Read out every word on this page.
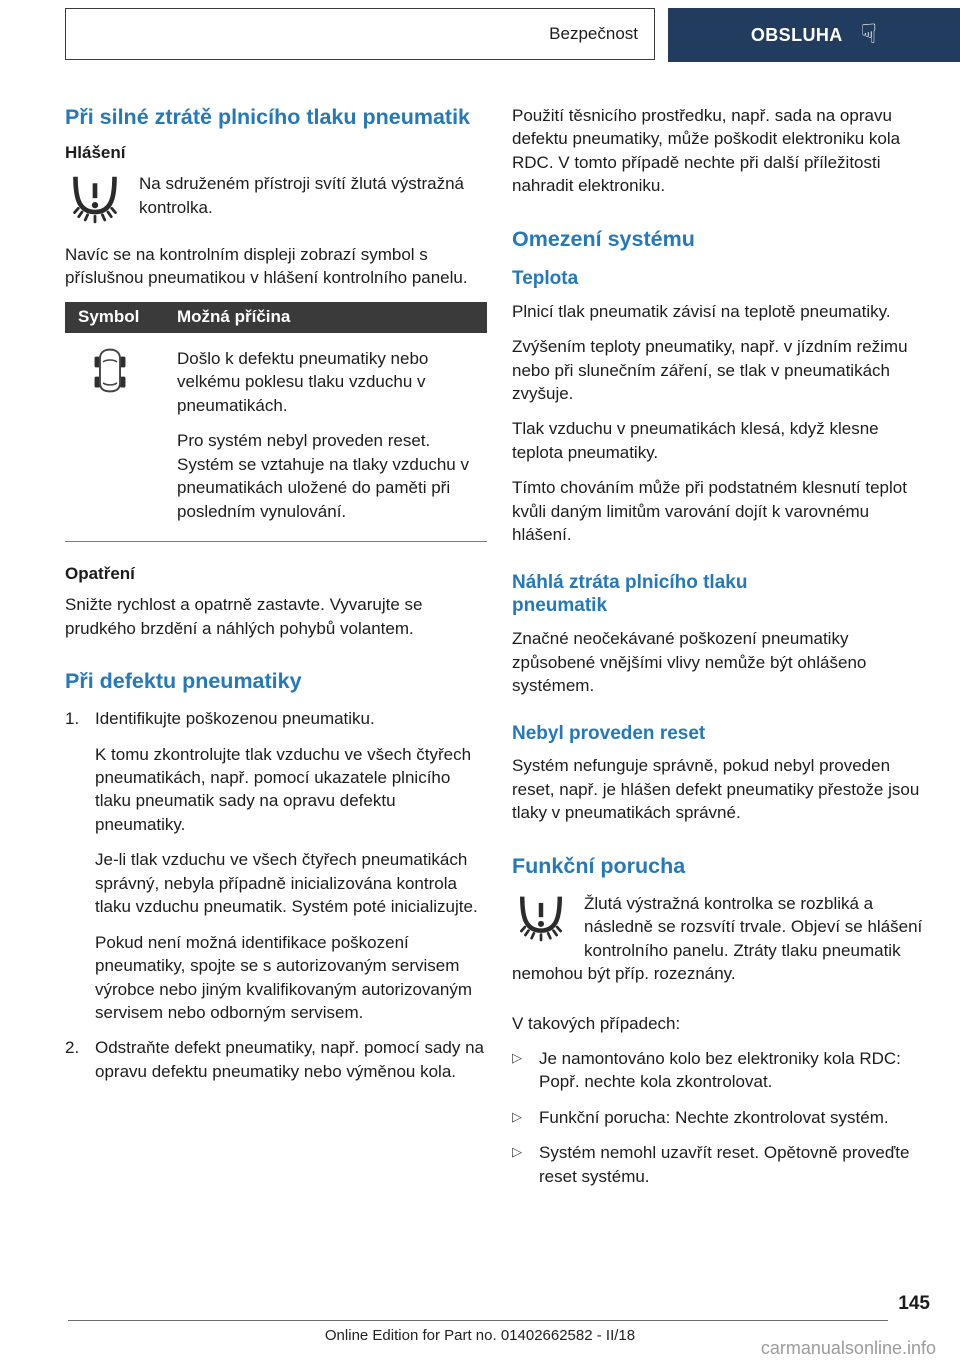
Bezpečnost	OBSLUHA ☟
Při silné ztrátě plnicího tlaku pneumatik
Hlášení

Na sdruženém přístroji svítí žlutá výstražná kontrolka.

Navíc se na kontrolním displeji zobrazí symbol s příslušnou pneumatikou v hlášení kontrolního panelu.

Symbol	Možná příčina

Došlo k defektu pneumatiky nebo velkému poklesu tlaku vzduchu v pneumatikách.

Pro systém nebyl proveden reset. Systém se vztahuje na tlaky vzduchu v pneumatikách uložené do paměti při posledním vynulování.

Opatření

Snižte rychlost a opatrně zastavte. Vyvarujte se prudkého brzdění a náhlých pohybů volantem.

Při defektu pneumatiky
1. Identifikujte poškozenou pneumatiku.

K tomu zkontrolujte tlak vzduchu ve všech čtyřech pneumatikách, např. pomocí ukazatele plnicího tlaku pneumatik sady na opravu defektu pneumatiky.

Je-li tlak vzduchu ve všech čtyřech pneumatikách správný, nebyla případně inicializována kontrola tlaku vzduchu pneumatik. Systém poté inicializujte.

Pokud není možná identifikace poškození pneumatiky, spojte se s autorizovaným servisem výrobce nebo jiným kvalifikovaným autorizovaným servisem nebo odborným servisem.

2. Odstraňte defekt pneumatiky, např. pomocí sady na opravu defektu pneumatiky nebo výměnou kola.

Použití těsnicího prostředku, např. sada na opravu defektu pneumatiky, může poškodit elektroniku kola RDC. V tomto případě nechte při další příležitosti nahradit elektroniku.

Omezení systému
Teplota

Plnicí tlak pneumatik závisí na teplotě pneumatiky.

Zvýšením teploty pneumatiky, např. v jízdním režimu nebo při slunečním záření, se tlak v pneumatikách zvyšuje.

Tlak vzduchu v pneumatikách klesá, když klesne teplota pneumatiky.

Tímto chováním může při podstatném klesnutí teplot kvůli daným limitům varování dojít k varovnému hlášení.

Náhlá ztráta plnicího tlaku pneumatik

Značné neočekávané poškození pneumatiky způsobené vnějšími vlivy nemůže být ohlášeno systémem.

Nebyl proveden reset

Systém nefunguje správně, pokud nebyl proveden reset, např. je hlášen defekt pneumatiky přestože jsou tlaky v pneumatikách správné.

Funkční porucha

Žlutá výstražná kontrolka se rozbliká a následně se rozsvítí trvale. Objeví se hlášení kontrolního panelu. Ztráty tlaku pneumatik nemohou být příp. rozeznány.

V takových případech:

▷	Je namontováno kolo bez elektroniky kola RDC: Popř. nechte kola zkontrolovat.
▷	Funkční porucha: Nechte zkontrolovat systém.
▷	Systém nemohl uzavřít reset. Opětovně proveďte reset systému.
145
Online Edition for Part no. 01402662582 - II/18
carmanualsonline.info
